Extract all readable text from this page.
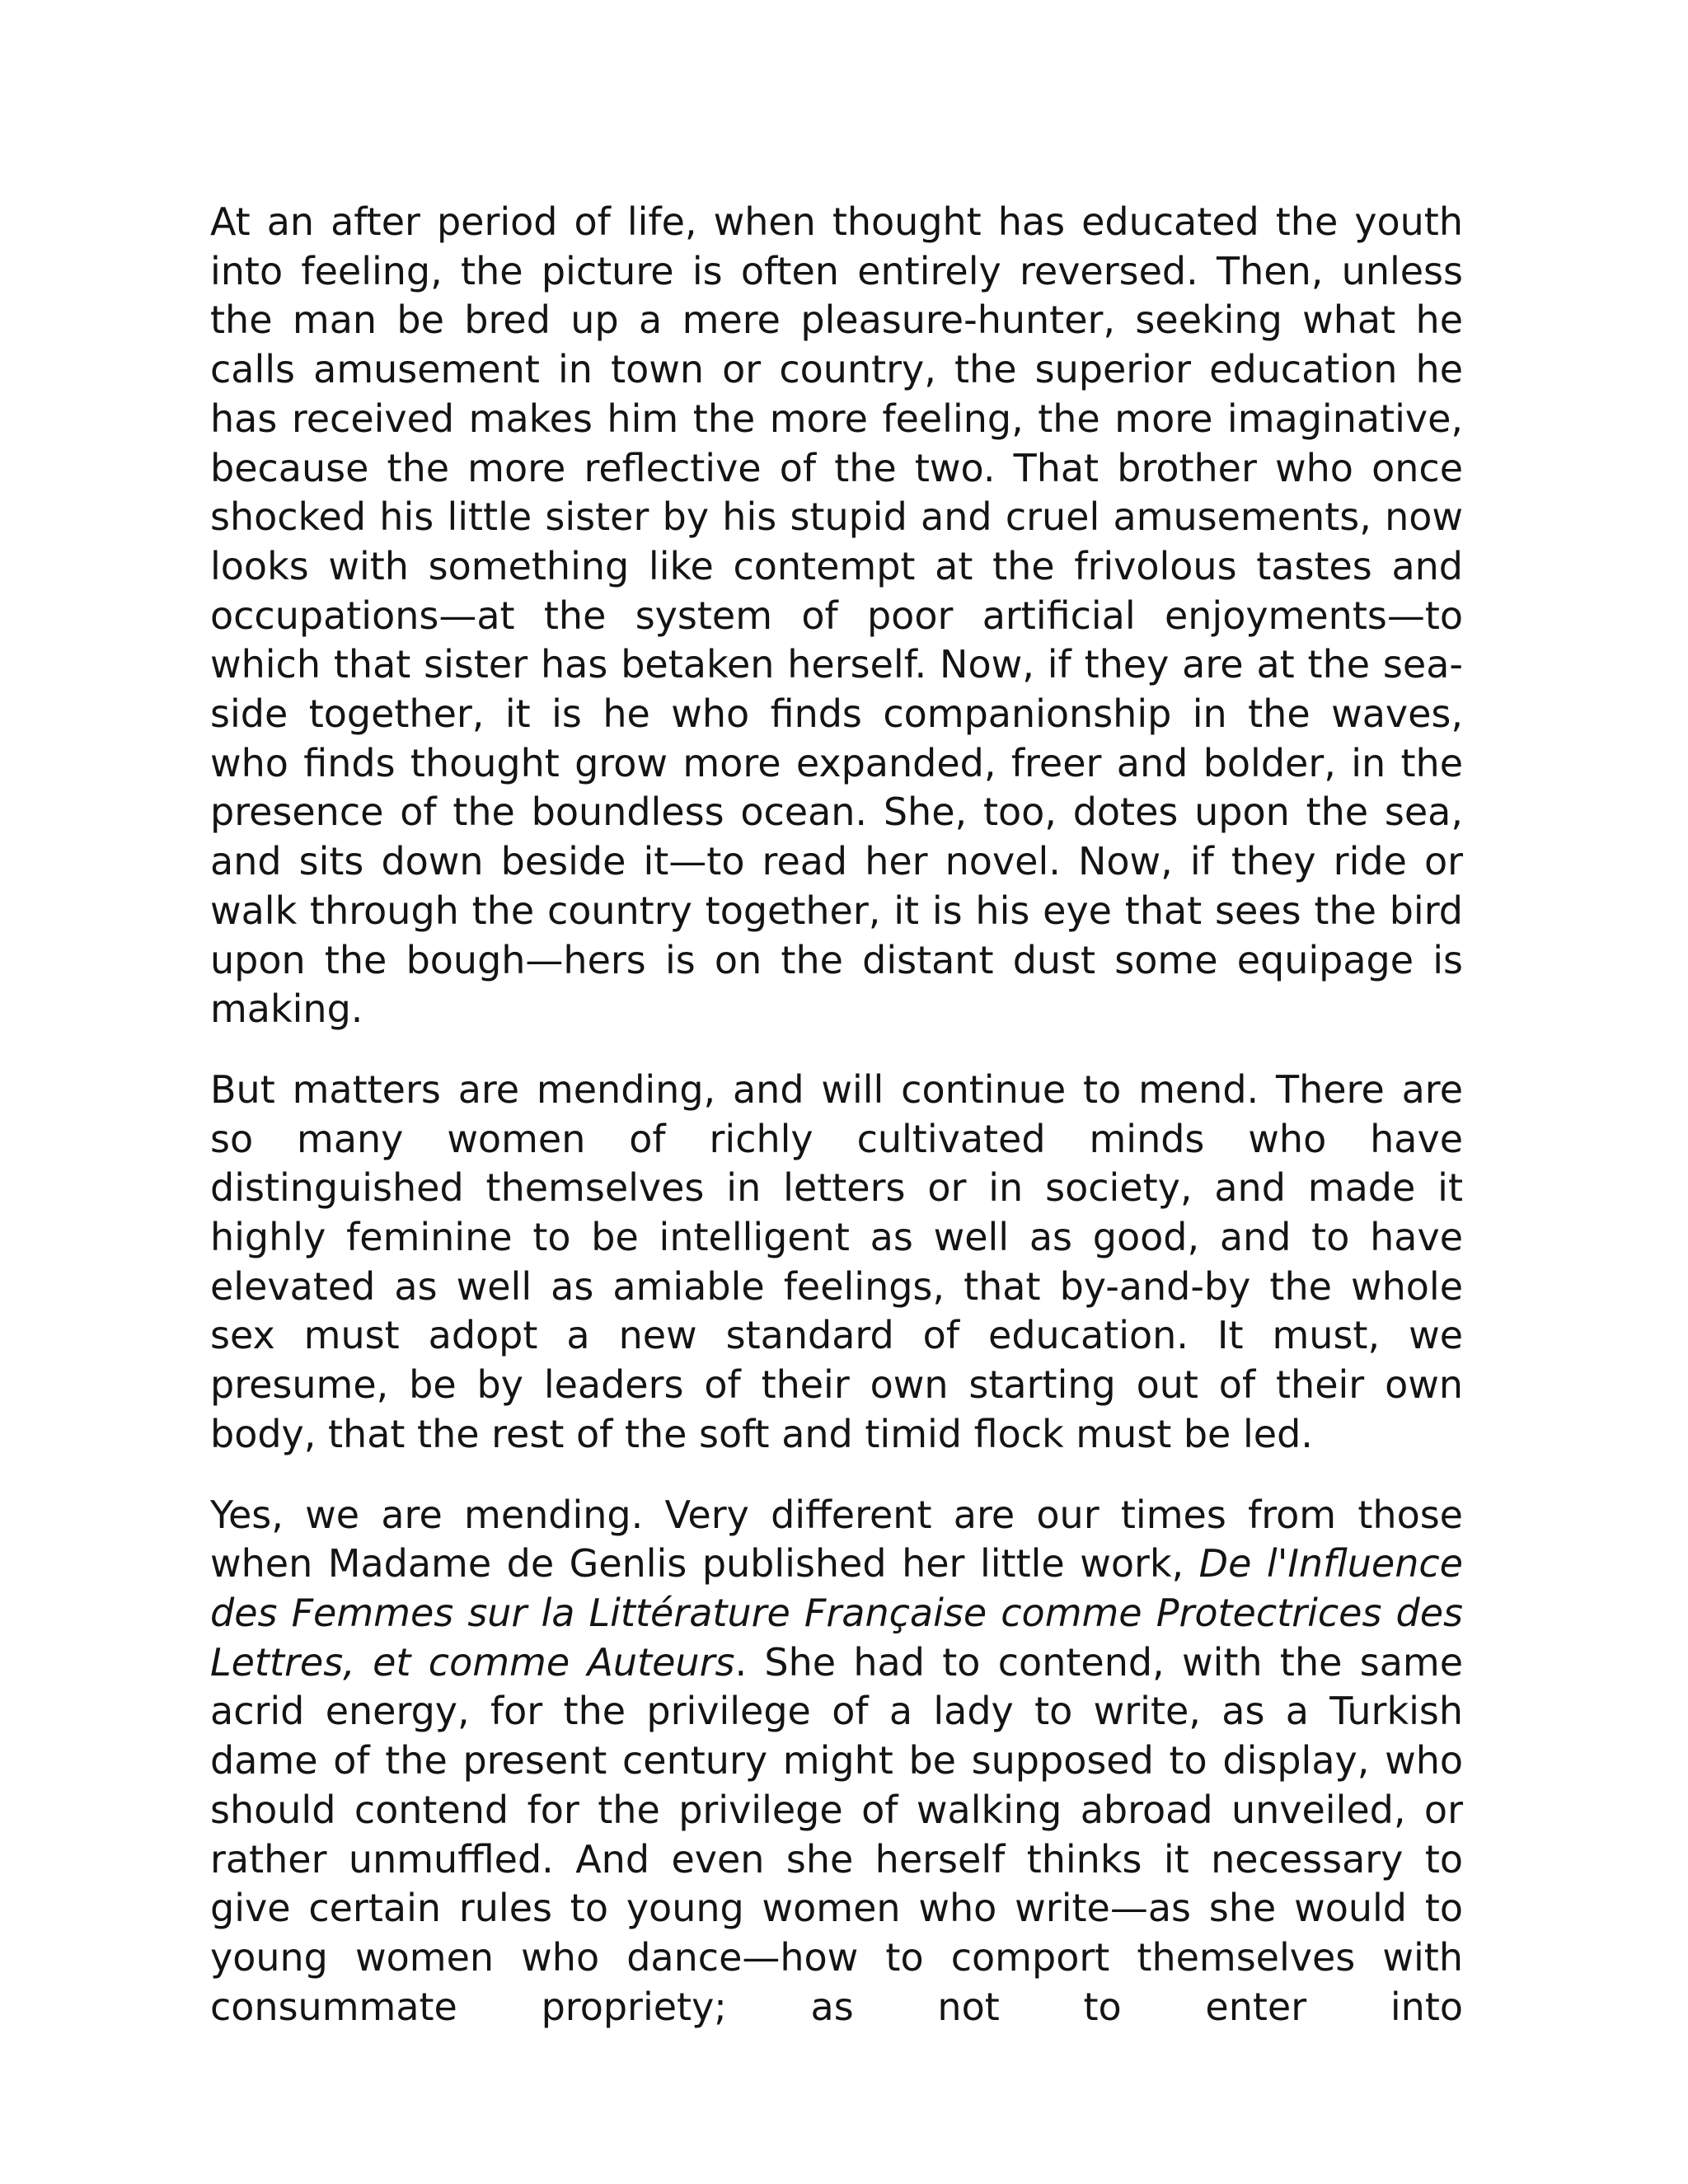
At an after period of life, when thought has educated the youth into feeling, the picture is often entirely reversed. Then, unless the man be bred up a mere pleasure-hunter, seeking what he calls amusement in town or country, the superior education he has received makes him the more feeling, the more imaginative, because the more reflective of the two. That brother who once shocked his little sister by his stupid and cruel amusements, now looks with something like contempt at the frivolous tastes and occupations—at the system of poor artificial enjoyments—to which that sister has betaken herself. Now, if they are at the sea-side together, it is he who finds companionship in the waves, who finds thought grow more expanded, freer and bolder, in the presence of the boundless ocean. She, too, dotes upon the sea, and sits down beside it—to read her novel. Now, if they ride or walk through the country together, it is his eye that sees the bird upon the bough—hers is on the distant dust some equipage is making.

But matters are mending, and will continue to mend. There are so many women of richly cultivated minds who have distinguished themselves in letters or in society, and made it highly feminine to be intelligent as well as good, and to have elevated as well as amiable feelings, that by-and-by the whole sex must adopt a new standard of education. It must, we presume, be by leaders of their own starting out of their own body, that the rest of the soft and timid flock must be led.

Yes, we are mending. Very different are our times from those when Madame de Genlis published her little work, De l'Influence des Femmes sur la Littérature Française comme Protectrices des Lettres, et comme Auteurs. She had to contend, with the same acrid energy, for the privilege of a lady to write, as a Turkish dame of the present century might be supposed to display, who should contend for the privilege of walking abroad unveiled, or rather unmuffled. And even she herself thinks it necessary to give certain rules to young women who write—as she would to young women who dance—how to comport themselves with consummate propriety; as not to enter into
